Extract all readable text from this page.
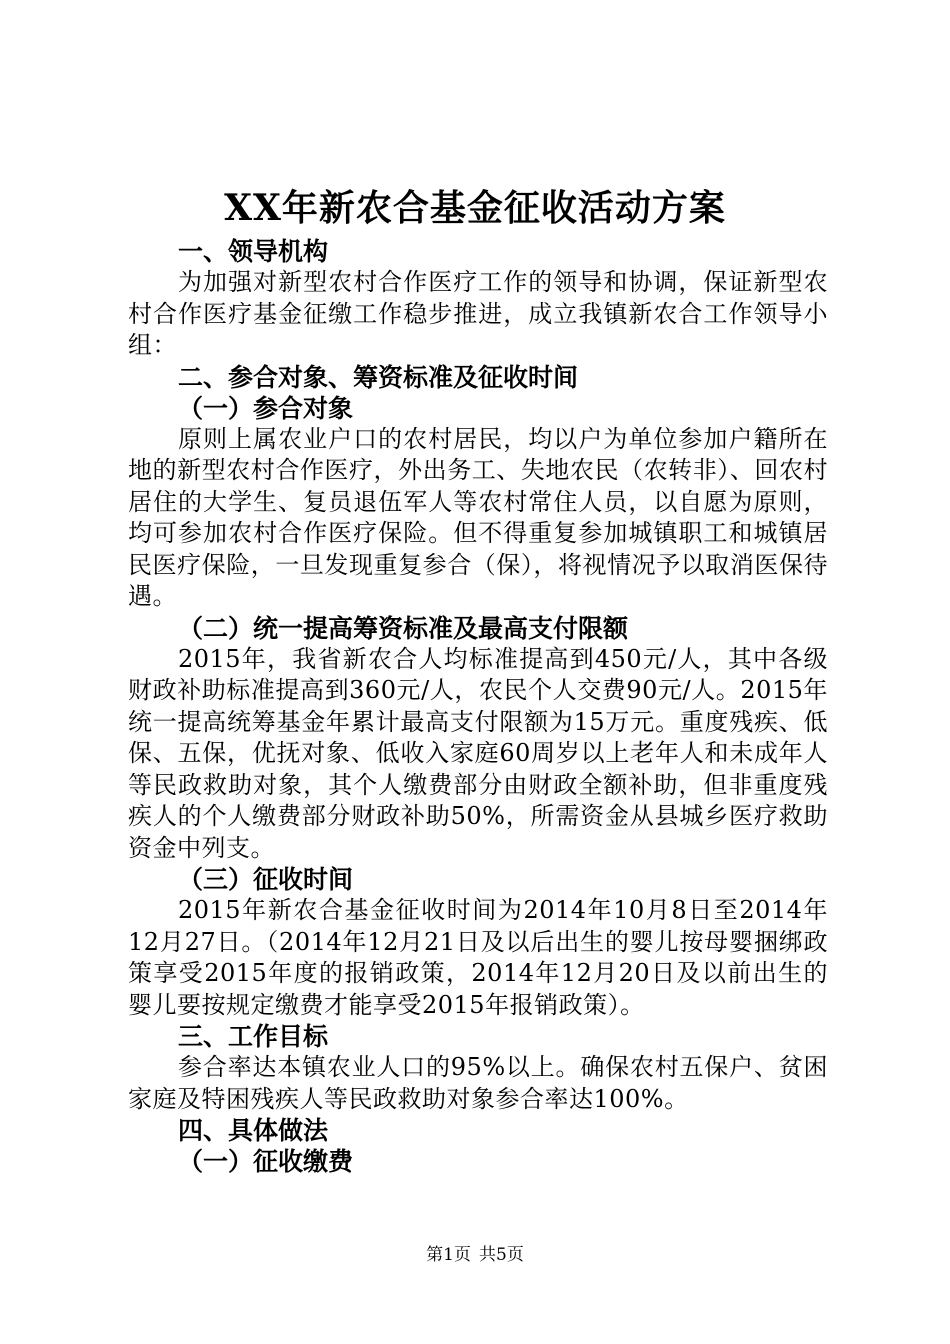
XX年新农合基金征收活动方案
一、领导机构
为加强对新型农村合作医疗工作的领导和协调，保证新型农村合作医疗基金征缴工作稳步推进，成立我镇新农合工作领导小组：
二、参合对象、筹资标准及征收时间
（一）参合对象
原则上属农业户口的农村居民，均以户为单位参加户籍所在地的新型农村合作医疗，外出务工、失地农民（农转非）、回农村居住的大学生、复员退伍军人等农村常住人员，以自愿为原则，均可参加农村合作医疗保险。但不得重复参加城镇职工和城镇居民医疗保险，一旦发现重复参合（保），将视情况予以取消医保待遇。
（二）统一提高筹资标准及最高支付限额
2015年，我省新农合人均标准提高到450元/人，其中各级财政补助标准提高到360元/人，农民个人交费90元/人。2015年统一提高统筹基金年累计最高支付限额为15万元。重度残疾、低保、五保，优抚对象、低收入家庭60周岁以上老年人和未成年人等民政救助对象，其个人缴费部分由财政全额补助，但非重度残疾人的个人缴费部分财政补助50%，所需资金从县城乡医疗救助资金中列支。
（三）征收时间
2015年新农合基金征收时间为2014年10月8日至2014年12月27日。（2014年12月21日及以后出生的婴儿按母婴捆绑政策享受2015年度的报销政策，2014年12月20日及以前出生的婴儿要按规定缴费才能享受2015年报销政策）。
三、工作目标
参合率达本镇农业人口的95%以上。确保农村五保户、贫困家庭及特困残疾人等民政救助对象参合率达100%。
四、具体做法
（一）征收缴费
第1页 共5页
